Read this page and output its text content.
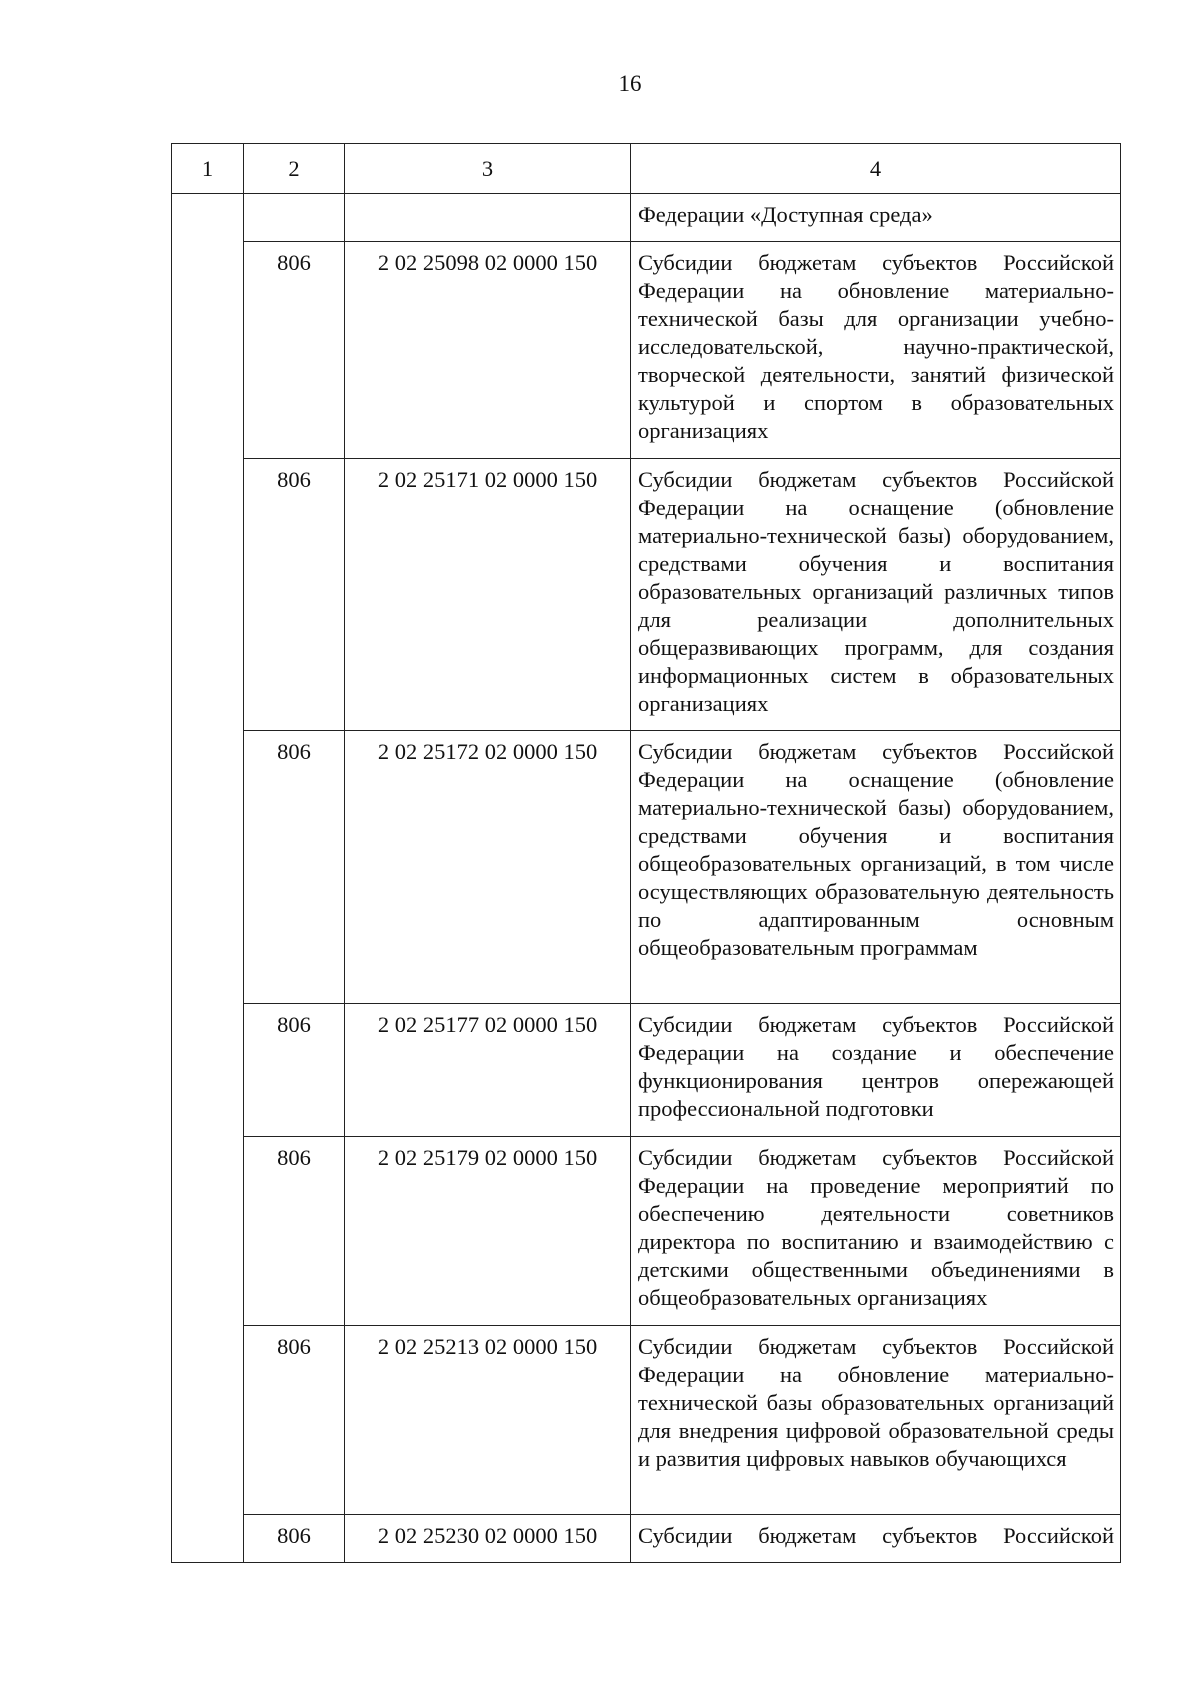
16
1	2	3	4

			Федерации «Доступная среда»

	806	2 02 25098 02 0000 150	Субсидии бюджетам субъектов Российской Федерации на обновление материально-технической базы для организации учебно-исследовательской, научно-практической, творческой деятельности, занятий физической культурой и спортом в образовательных организациях

	806	2 02 25171 02 0000 150	Субсидии бюджетам субъектов Российской Федерации на оснащение (обновление материально-технической базы) оборудованием, средствами обучения и воспитания образовательных организаций различных типов для реализации дополнительных общеразвивающих программ, для создания информационных систем в образовательных организациях

	806	2 02 25172 02 0000 150	Субсидии бюджетам субъектов Российской Федерации на оснащение (обновление материально-технической базы) оборудованием, средствами обучения и воспитания общеобразовательных организаций, в том числе осуществляющих образовательную деятельность по адаптированным основным общеобразовательным программам

	806	2 02 25177 02 0000 150	Субсидии бюджетам субъектов Российской Федерации на создание и обеспечение функционирования центров опережающей профессиональной подготовки

	806	2 02 25179 02 0000 150	Субсидии бюджетам субъектов Российской Федерации на проведение мероприятий по обеспечению деятельности советников директора по воспитанию и взаимодействию с детскими общественными объединениями в общеобразовательных организациях

	806	2 02 25213 02 0000 150	Субсидии бюджетам субъектов Российской Федерации на обновление материально-технической базы образовательных организаций для внедрения цифровой образовательной среды и развития цифровых навыков обучающихся

	806	2 02 25230 02 0000 150	Субсидии бюджетам субъектов Российской
